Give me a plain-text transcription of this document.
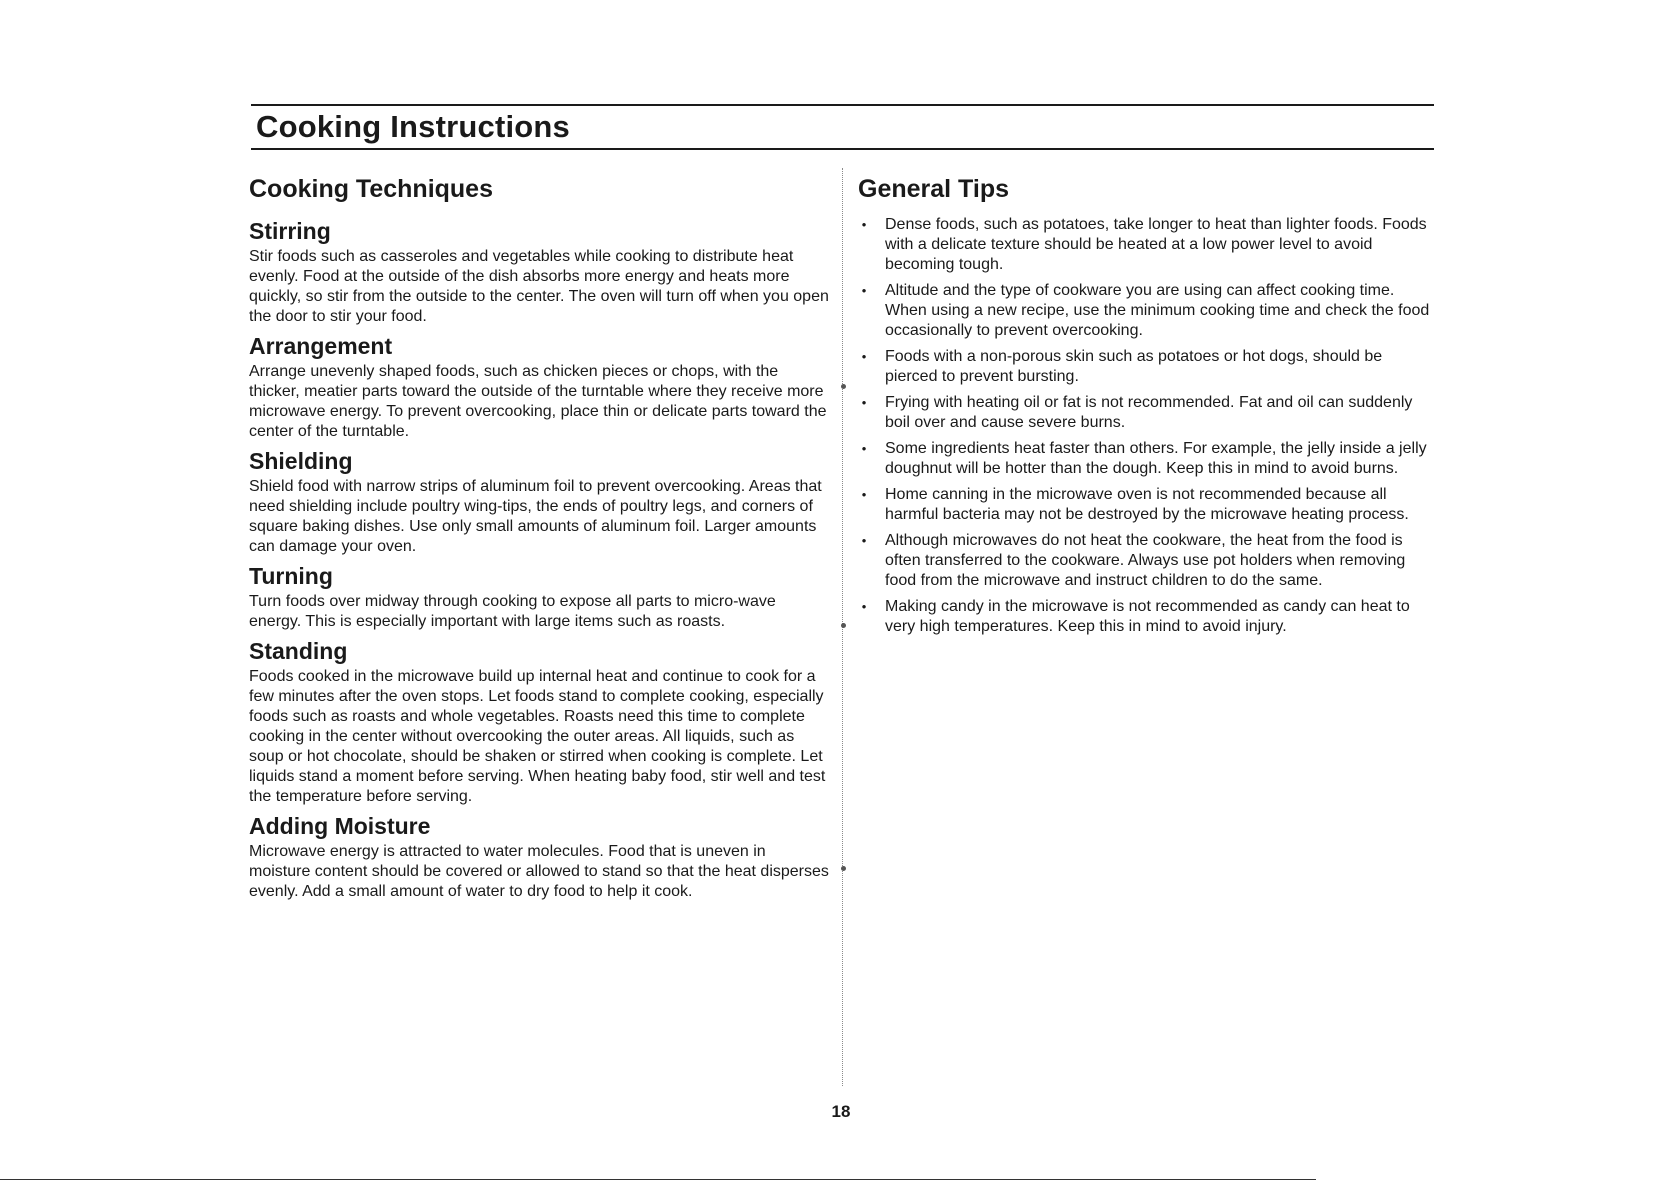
Cooking Instructions
Cooking Techniques
Stirring

Stir foods such as casseroles and vegetables while cooking to distribute heat evenly. Food at the outside of the dish absorbs more energy and heats more quickly, so stir from the outside to the center. The oven will turn off when you open the door to stir your food.

Arrangement

Arrange unevenly shaped foods, such as chicken pieces or chops, with the thicker, meatier parts toward the outside of the turntable where they receive more microwave energy. To prevent overcooking, place thin or delicate parts toward the center of the turntable.

Shielding

Shield food with narrow strips of aluminum foil to prevent overcooking. Areas that need shielding include poultry wing-tips, the ends of poultry legs, and corners of square baking dishes. Use only small amounts of aluminum foil. Larger amounts can damage your oven.

Turning

Turn foods over midway through cooking to expose all parts to micro-wave energy. This is especially important with large items such as roasts.

Standing

Foods cooked in the microwave build up internal heat and continue to cook for a few minutes after the oven stops. Let foods stand to complete cooking, especially foods such as roasts and whole vegetables. Roasts need this time to complete cooking in the center without overcooking the outer areas. All liquids, such as soup or hot chocolate, should be shaken or stirred when cooking is complete. Let liquids stand a moment before serving. When heating baby food, stir well and test the temperature before serving.

Adding Moisture

Microwave energy is attracted to water molecules. Food that is uneven in moisture content should be covered or allowed to stand so that the heat disperses evenly. Add a small amount of water to dry food to help it cook.

General Tips
• Dense foods, such as potatoes, take longer to heat than lighter foods. Foods with a delicate texture should be heated at a low power level to avoid becoming tough.
• Altitude and the type of cookware you are using can affect cooking time. When using a new recipe, use the minimum cooking time and check the food occasionally to prevent overcooking.
• Foods with a non-porous skin such as potatoes or hot dogs, should be pierced to prevent bursting.
• Frying with heating oil or fat is not recommended. Fat and oil can suddenly boil over and cause severe burns.
• Some ingredients heat faster than others. For example, the jelly inside a jelly doughnut will be hotter than the dough. Keep this in mind to avoid burns.
• Home canning in the microwave oven is not recommended because all harmful bacteria may not be destroyed by the microwave heating process.
• Although microwaves do not heat the cookware, the heat from the food is often transferred to the cookware. Always use pot holders when removing food from the microwave and instruct children to do the same.
• Making candy in the microwave is not recommended as candy can heat to very high temperatures. Keep this in mind to avoid injury.

18
